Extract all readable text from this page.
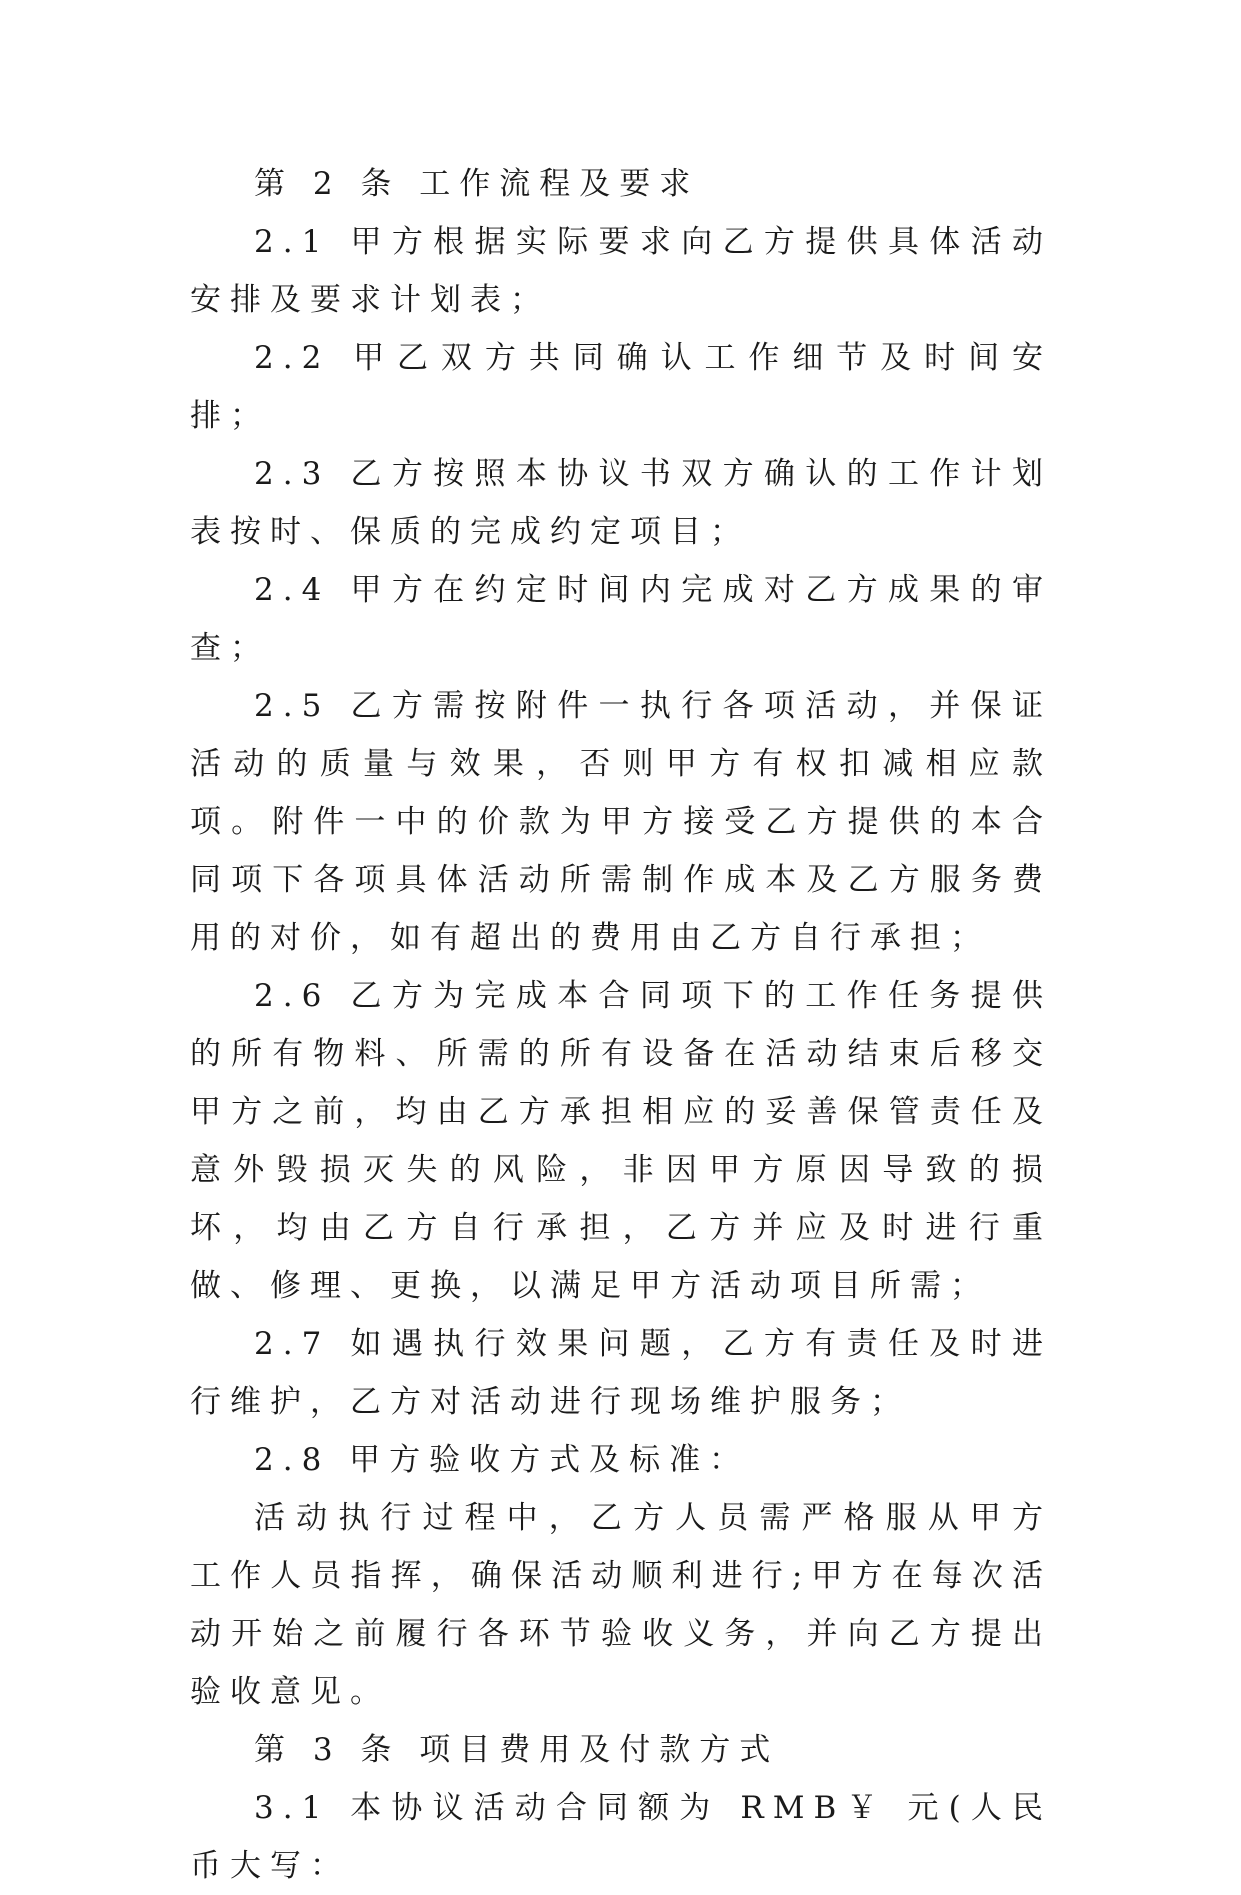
第 2 条 工作流程及要求

2.1 甲方根据实际要求向乙方提供具体活动安排及要求计划表；

2.2 甲乙双方共同确认工作细节及时间安排；

2.3 乙方按照本协议书双方确认的工作计划表按时、保质的完成约定项目；

2.4 甲方在约定时间内完成对乙方成果的审查；

2.5 乙方需按附件一执行各项活动，并保证活动的质量与效果，否则甲方有权扣减相应款项。附件一中的价款为甲方接受乙方提供的本合同项下各项具体活动所需制作成本及乙方服务费用的对价，如有超出的费用由乙方自行承担；

2.6 乙方为完成本合同项下的工作任务提供的所有物料、所需的所有设备在活动结束后移交甲方之前，均由乙方承担相应的妥善保管责任及意外毁损灭失的风险，非因甲方原因导致的损坏，均由乙方自行承担，乙方并应及时进行重做、修理、更换，以满足甲方活动项目所需；

2.7 如遇执行效果问题，乙方有责任及时进行维护，乙方对活动进行现场维护服务；

2.8 甲方验收方式及标准：

活动执行过程中，乙方人员需严格服从甲方工作人员指挥，确保活动顺利进行;甲方在每次活动开始之前履行各环节验收义务，并向乙方提出验收意见。

第 3 条 项目费用及付款方式

3.1 本协议活动合同额为 RMB￥ 元(人民币大写：
